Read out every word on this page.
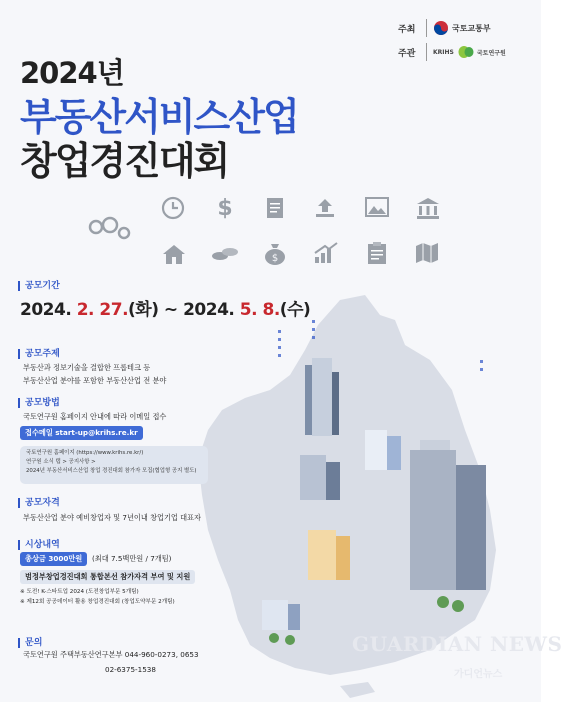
주최	국토교통부
주관	KRIHS	국토연구원
2024년
부동산서비스산업
창업경진대회
$
$
공모기간
2024. 2. 27.(화) ~ 2024. 5. 8.(수)
공모주제
부동산과 정보기술을 결합한 프롭테크 등
부동산산업 분야를 포함한 부동산산업 전 분야
공모방법
국토연구원 홈페이지 안내에 따라 이메일 접수
접수메일 start-up@krihs.re.kr
국토연구원 홈페이지 (https://www.krihs.re.kr/)
연구원 소식 탭 > 공지사항 >
2024년 부동산서비스산업 창업 경진대회 참가자 모집(협업형 공지 별도)
공모자격
부동산산업 분야 예비창업자 및 7년이내 창업기업 대표자
시상내역
총상금 3000만원	(최대 7.5백만원 / 7개팀)
범정부창업경진대회 통합본선 참가자격 부여 및 지원
※ 도전! K-스타트업 2024 (도전창업부문 5개팀)
※ 제12회 공공데이터 활용 창업경진대회 (창업도약부문 2개팀)
문의
국토연구원 주택부동산연구본부 044-960-0273, 0653
02-6375-1538
GUARDIAN NEWS
가디언뉴스
